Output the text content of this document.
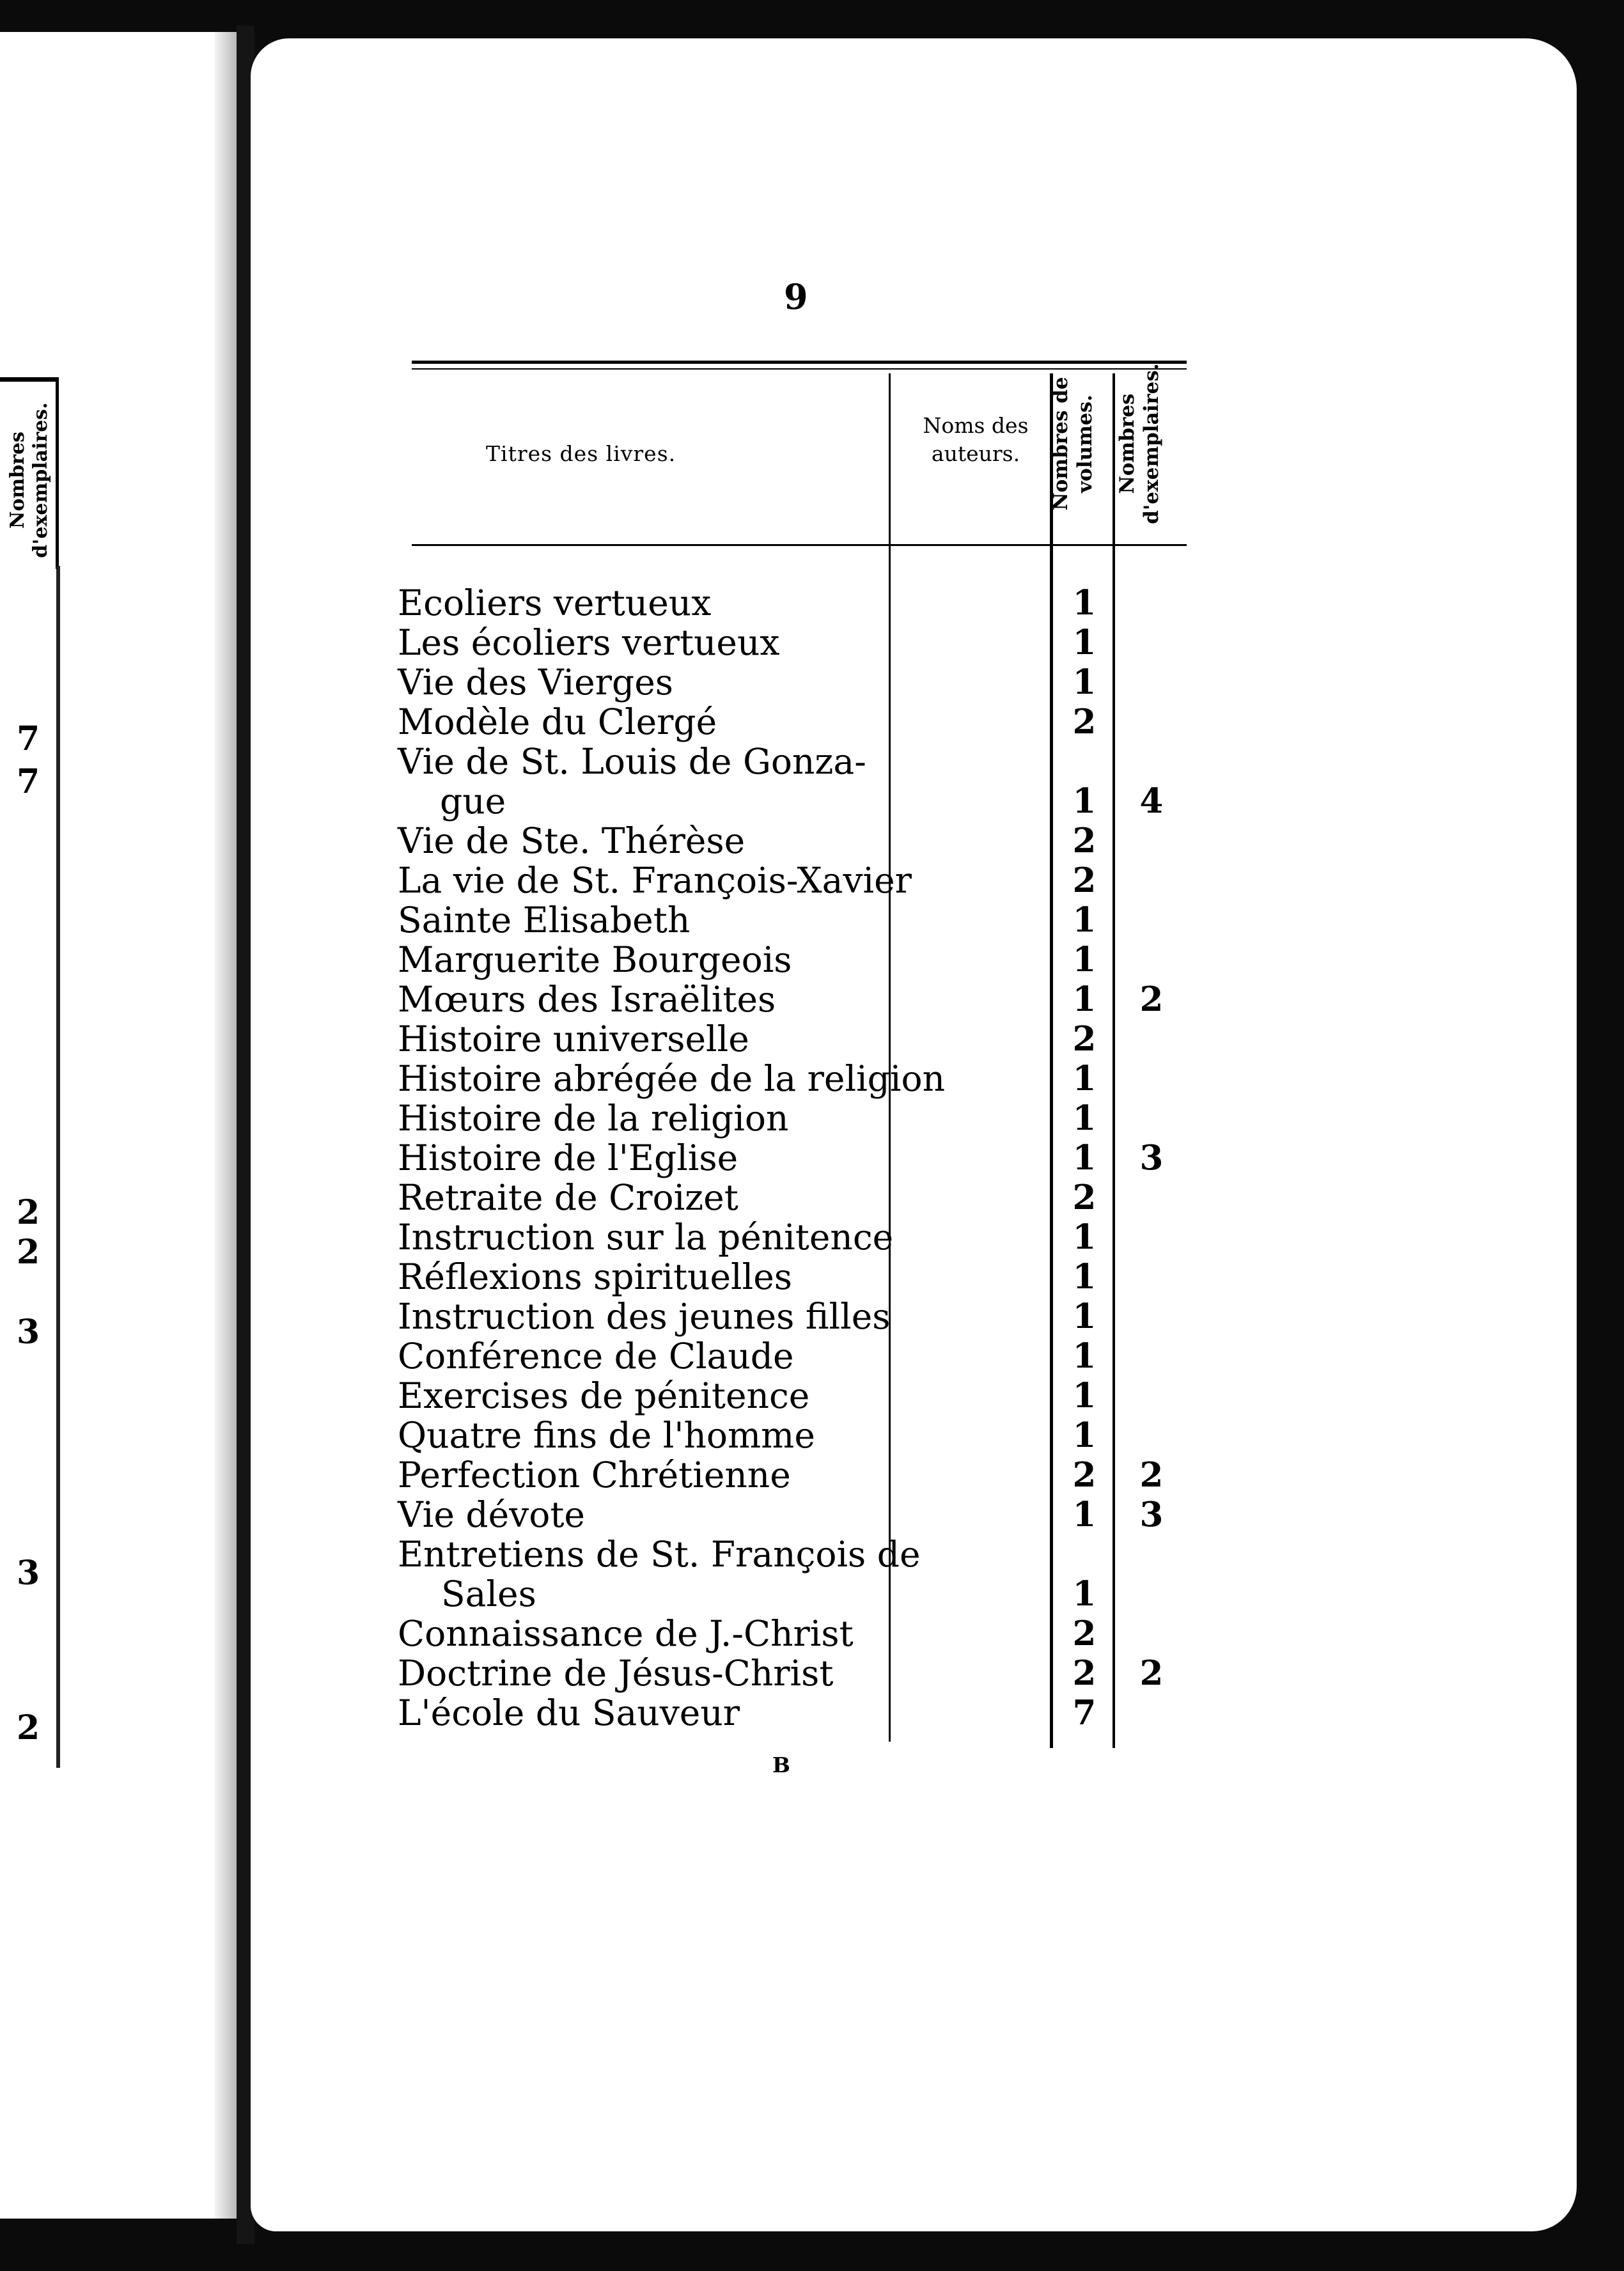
Nombres d'exemplaires.
7
7
2
2
3
3
2
9
Titres des livres.
Noms des auteurs.	Nombres de volumes. Nombres d'exemplaires.
Ecoliers vertueux	1
Les écoliers vertueux	1
Vie des Vierges	1
Modèle du Clergé	2
Vie de St. Louis de Gonza-
gue	1 4
Vie de Ste. Thérèse	2
La vie de St. François-Xavier	2
Sainte Elisabeth	1
Marguerite Bourgeois	1
Mœurs des Israëlites	1 2
Histoire universelle	2
Histoire abrégée de la religion	1
Histoire de la religion	1
Histoire de l'Eglise	1 3
Retraite de Croizet	2
Instruction sur la pénitence	1
Réflexions spirituelles	1
Instruction des jeunes filles	1
Conférence de Claude	1
Exercises de pénitence	1
Quatre fins de l'homme	1
Perfection Chrétienne	2 2
Vie dévote	1 3
Entretiens de St. François de
Sales	1
Connaissance de J.-Christ	2
Doctrine de Jésus-Christ	2 2
L'école du Sauveur	7
B
